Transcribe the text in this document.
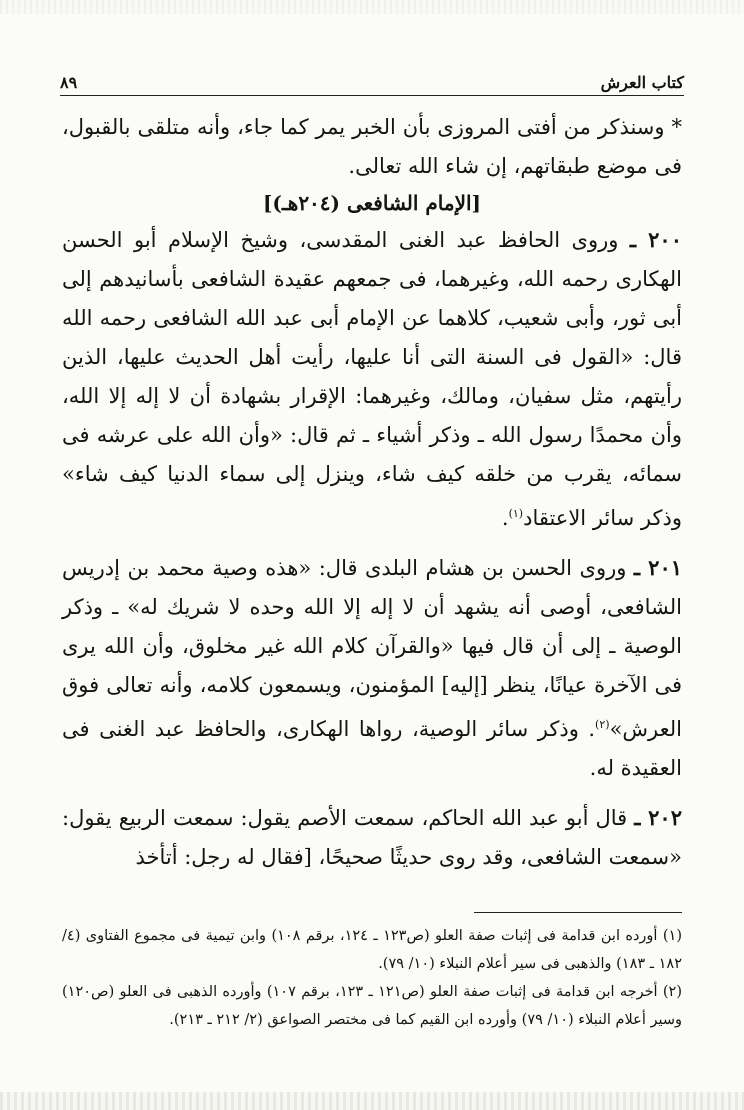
كتاب العرش
٨٩

* وسنذكر من أفتى المروزى بأن الخبر يمر كما جاء، وأنه متلقى بالقبول، فى موضع طبقاتهم، إن شاء الله تعالى.

[الإمام الشافعى (٢٠٤هـ)]

٢٠٠ ـ وروى الحافظ عبد الغنى المقدسى، وشيخ الإسلام أبو الحسن الهكارى رحمه الله، وغيرهما، فى جمعهم عقيدة الشافعى بأسانيدهم إلى أبى ثور، وأبى شعيب، كلاهما عن الإمام أبى عبد الله الشافعى رحمه الله قال: «القول فى السنة التى أنا عليها، رأيت أهل الحديث عليها، الذين رأيتهم، مثل سفيان، ومالك، وغيرهما: الإقرار بشهادة أن لا إله إلا الله، وأن محمدًا رسول الله ـ وذكر أشياء ـ ثم قال: «وأن الله على عرشه فى سمائه، يقرب من خلقه كيف شاء، وينزل إلى سماء الدنيا كيف شاء» وذكر سائر الاعتقاد$^{(١)}$.

٢٠١ ـ وروى الحسن بن هشام البلدى قال: «هذه وصية محمد بن إدريس الشافعى، أوصى أنه يشهد أن لا إله إلا الله وحده لا شريك له» ـ وذكر الوصية ـ إلى أن قال فيها «والقرآن كلام الله غير مخلوق، وأن الله يرى فى الآخرة عيانًا، ينظر [إليه] المؤمنون، ويسمعون كلامه، وأنه تعالى فوق العرش»$^{(٢)}$. وذكر سائر الوصية، رواها الهكارى، والحافظ عبد الغنى فى العقيدة له.

٢٠٢ ـ قال أبو عبد الله الحاكم، سمعت الأصم يقول: سمعت الربيع يقول: «سمعت الشافعى، وقد روى حديثًا صحيحًا، [فقال له رجل: أتأخذ

(١) أورده ابن قدامة فى إثبات صفة العلو (ص١٢٣ ـ ١٢٤، برقم ١٠٨) وابن تيمية فى مجموع الفتاوى (٤/ ١٨٢ ـ ١٨٣) والذهبى فى سير أعلام النبلاء (١٠/ ٧٩).

(٢) أخرجه ابن قدامة فى إثبات صفة العلو (ص١٢١ ـ ١٢٣، برقم ١٠٧) وأورده الذهبى فى العلو (ص١٢٠) وسير أعلام النبلاء (١٠/ ٧٩) وأورده ابن القيم كما فى مختصر الصواعق (٢/ ٢١٢ ـ ٢١٣).
